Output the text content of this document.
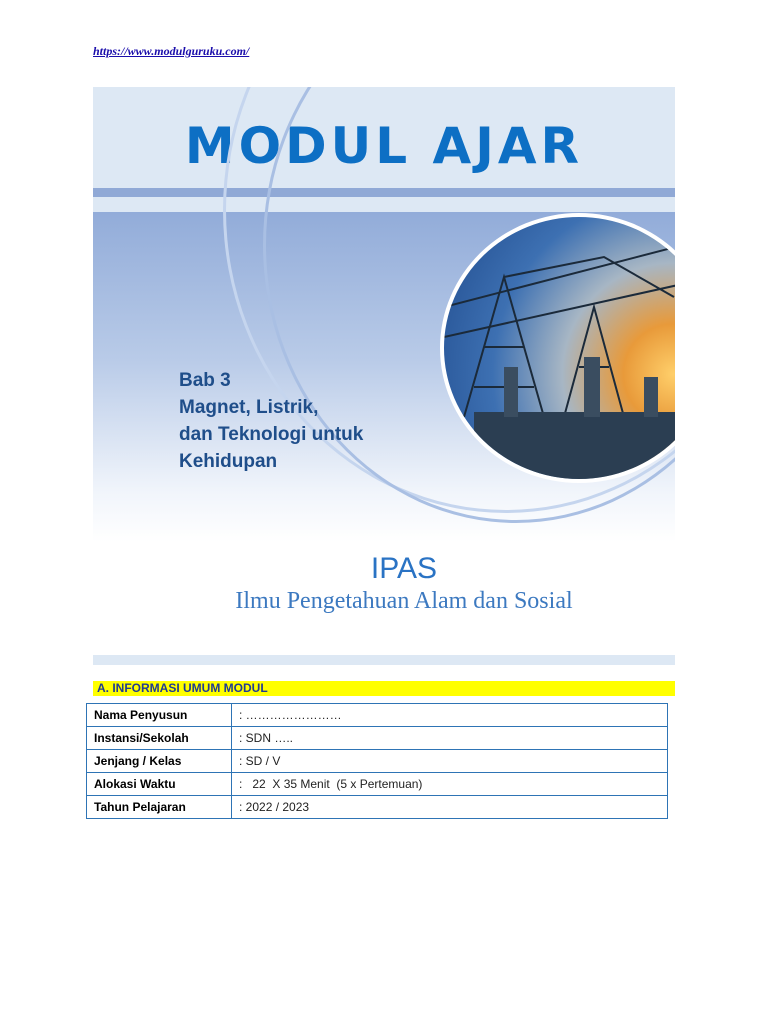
https://www.modulguruku.com/
MODUL AJAR
Bab 3
Magnet, Listrik,
dan Teknologi untuk
Kehidupan
IPAS
Ilmu Pengetahuan Alam dan Sosial
A. INFORMASI UMUM MODUL
Nama Penyusun	: ……………………
Instansi/Sekolah	: SDN …..
Jenjang / Kelas	: SD / V
Alokasi Waktu	:   22  X 35 Menit  (5 x Pertemuan)
Tahun Pelajaran	: 2022 / 2023
